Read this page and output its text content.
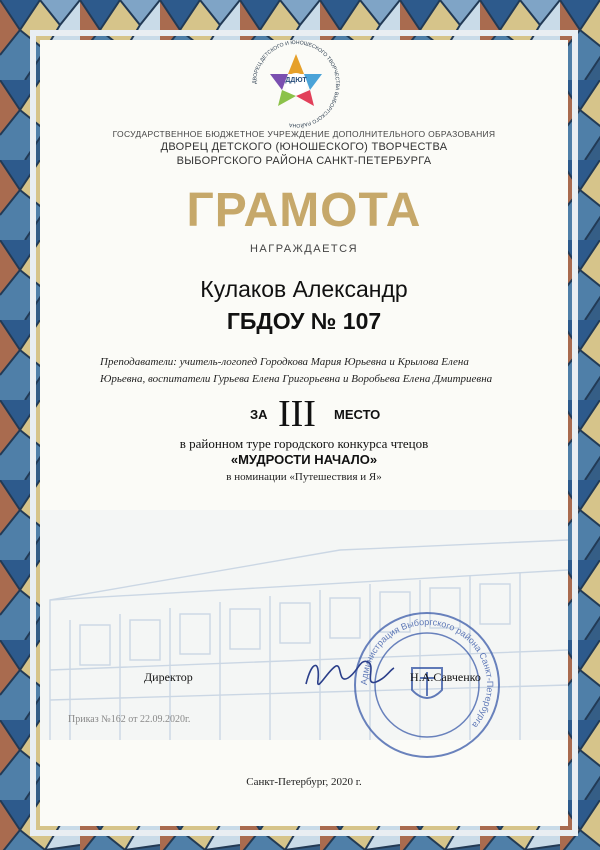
ДВОРЕЦ ДЕТСКОГО И ЮНОШЕСКОГО ТВОРЧЕСТВА ВЫБОРГСКОГО РАЙОНА
ДДЮТ
ГОСУДАРСТВЕННОЕ БЮДЖЕТНОЕ УЧРЕЖДЕНИЕ ДОПОЛНИТЕЛЬНОГО ОБРАЗОВАНИЯ
ДВОРЕЦ ДЕТСКОГО (ЮНОШЕСКОГО) ТВОРЧЕСТВА
ВЫБОРГСКОГО РАЙОНА САНКТ-ПЕТЕРБУРГА
ГРАМОТА
НАГРАЖДАЕТСЯ
Кулаков Александр
ГБДОУ № 107
Преподаватели: учитель-логопед Городкова Мария Юрьевна и Крылова Елена
Юрьевна, воспитатели Гурьева Елена Григорьевна и Воробьева Елена Дмитриевна
ЗА III МЕСТО
в районном туре городского конкурса чтецов
«МУДРОСТИ НАЧАЛО»
в номинации «Путешествия и Я»
Администрация Выборгского района Санкт-Петербурга
Директор	Н.А.Савченко
Приказ №162 от 22.09.2020г.
Санкт-Петербург, 2020 г.
